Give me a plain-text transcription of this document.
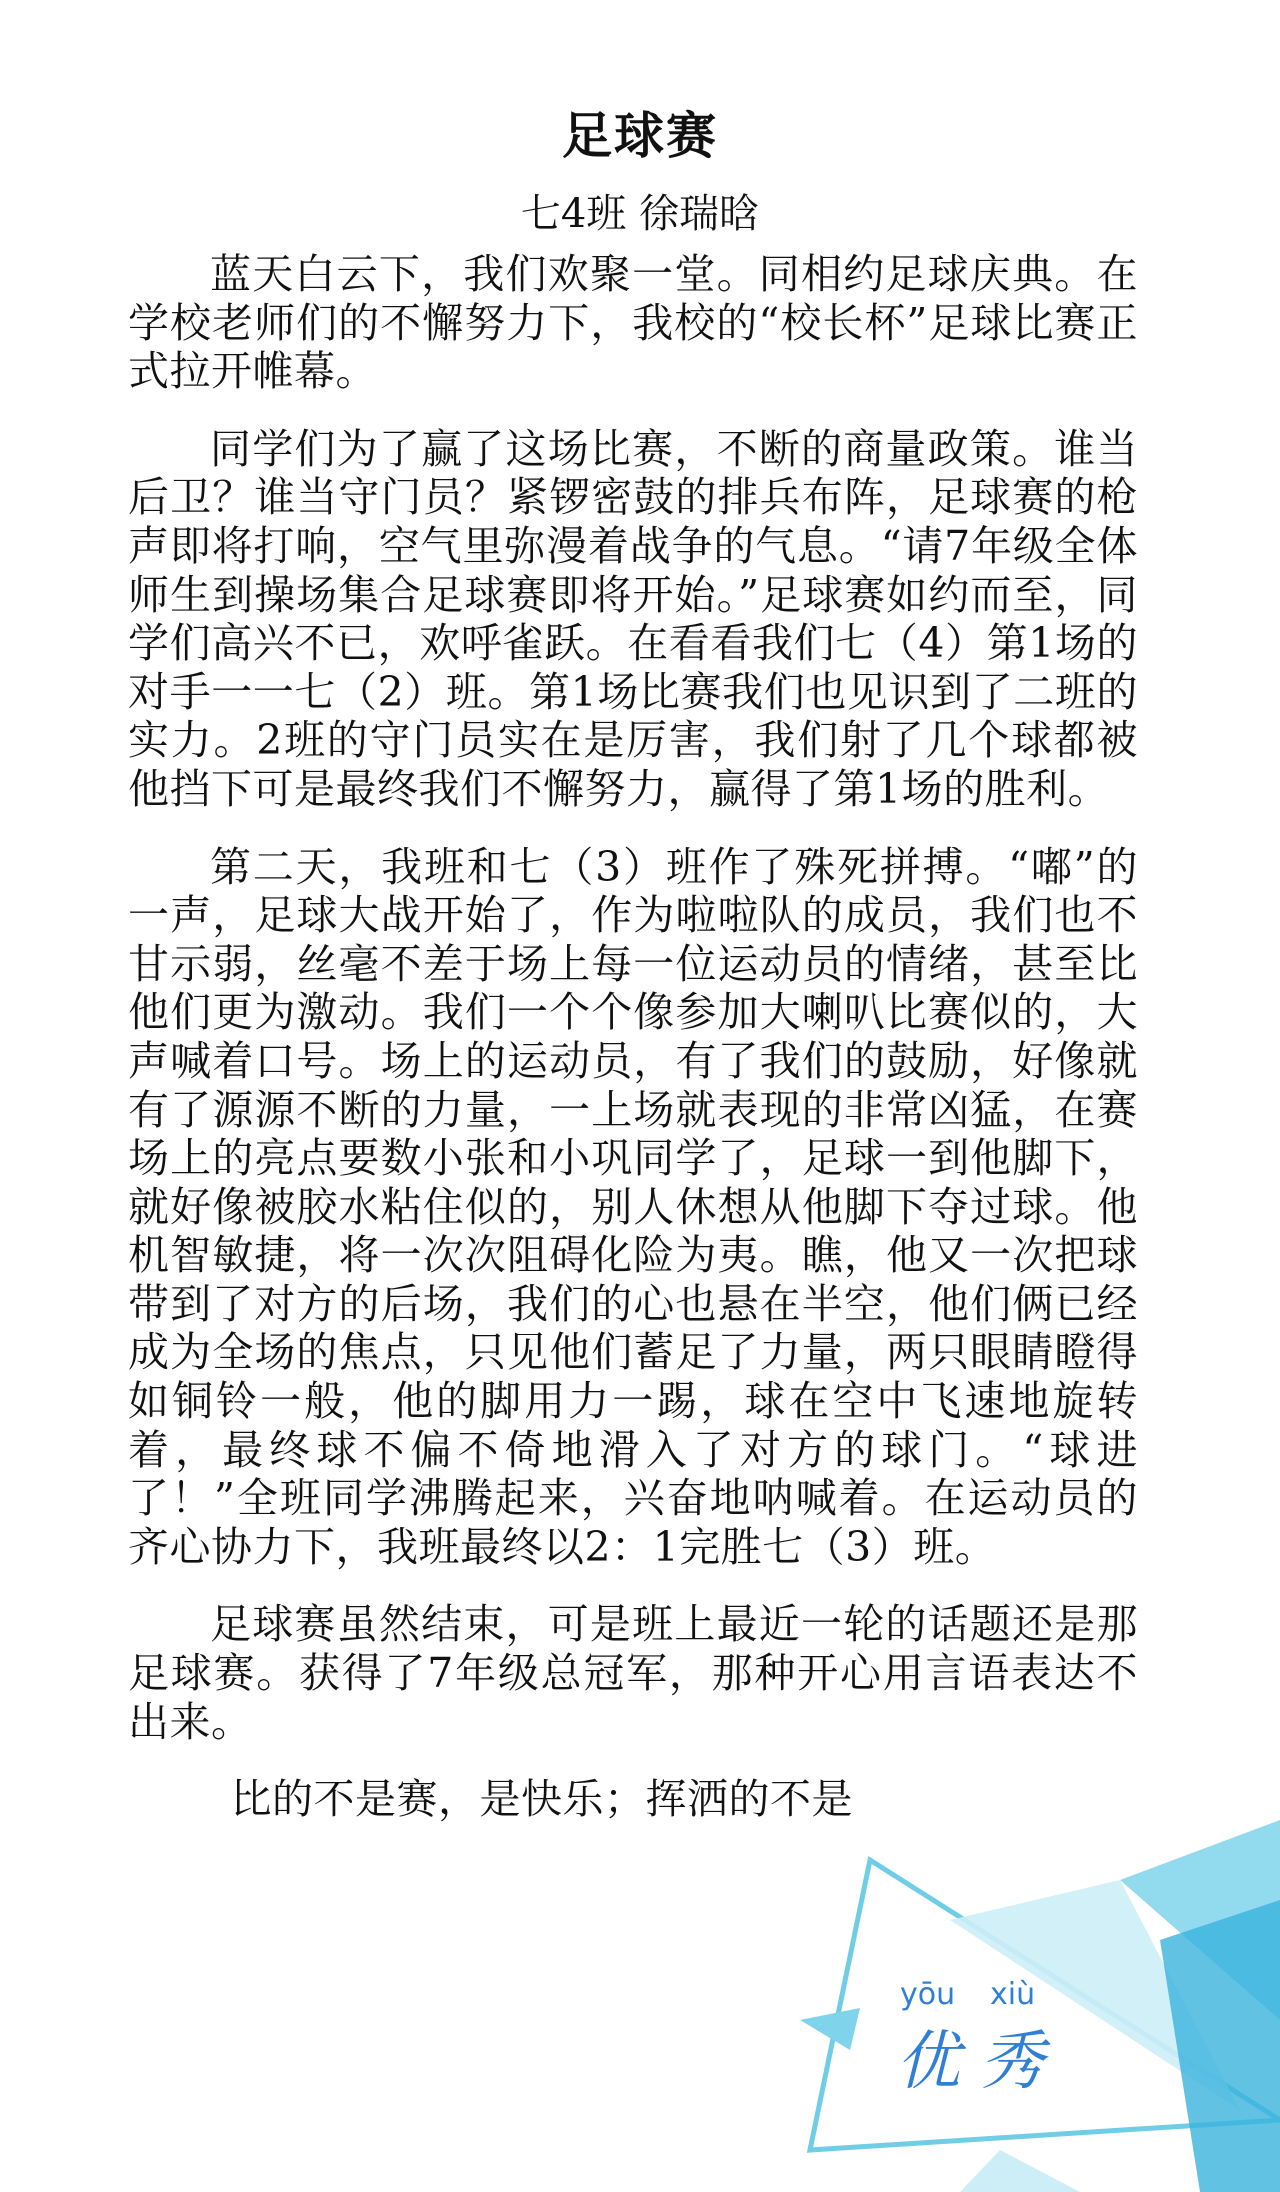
足球赛

七4班 徐瑞晗

蓝天白云下，我们欢聚一堂。同相约足球庆典。在学校老师们的不懈努力下，我校的“校长杯”足球比赛正式拉开帷幕。

同学们为了赢了这场比赛，不断的商量政策。谁当后卫？谁当守门员？紧锣密鼓的排兵布阵，足球赛的枪声即将打响，空气里弥漫着战争的气息。“请7年级全体师生到操场集合足球赛即将开始。”足球赛如约而至，同学们高兴不已，欢呼雀跃。在看看我们七（4）第1场的对手一一七（2）班。第1场比赛我们也见识到了二班的实力。2班的守门员实在是厉害，我们射了几个球都被他挡下可是最终我们不懈努力，赢得了第1场的胜利。

第二天，我班和七（3）班作了殊死拼搏。“嘟”的一声，足球大战开始了，作为啦啦队的成员，我们也不甘示弱，丝毫不差于场上每一位运动员的情绪，甚至比他们更为激动。我们一个个像参加大喇叭比赛似的，大声喊着口号。场上的运动员，有了我们的鼓励，好像就有了源源不断的力量，一上场就表现的非常凶猛，在赛场上的亮点要数小张和小巩同学了，足球一到他脚下，就好像被胶水粘住似的，别人休想从他脚下夺过球。他机智敏捷，将一次次阻碍化险为夷。瞧，他又一次把球带到了对方的后场，我们的心也悬在半空，他们俩已经成为全场的焦点，只见他们蓄足了力量，两只眼睛瞪得如铜铃一般，他的脚用力一踢，球在空中飞速地旋转着，最终球不偏不倚地滑入了对方的球门。“球进了！”全班同学沸腾起来，兴奋地呐喊着。在运动员的齐心协力下，我班最终以2：1完胜七（3）班。

足球赛虽然结束，可是班上最近一轮的话题还是那足球赛。获得了7年级总冠军，那种开心用言语表达不出来。

比的不是赛，是快乐；挥洒的不是

yōu xiù
优秀
